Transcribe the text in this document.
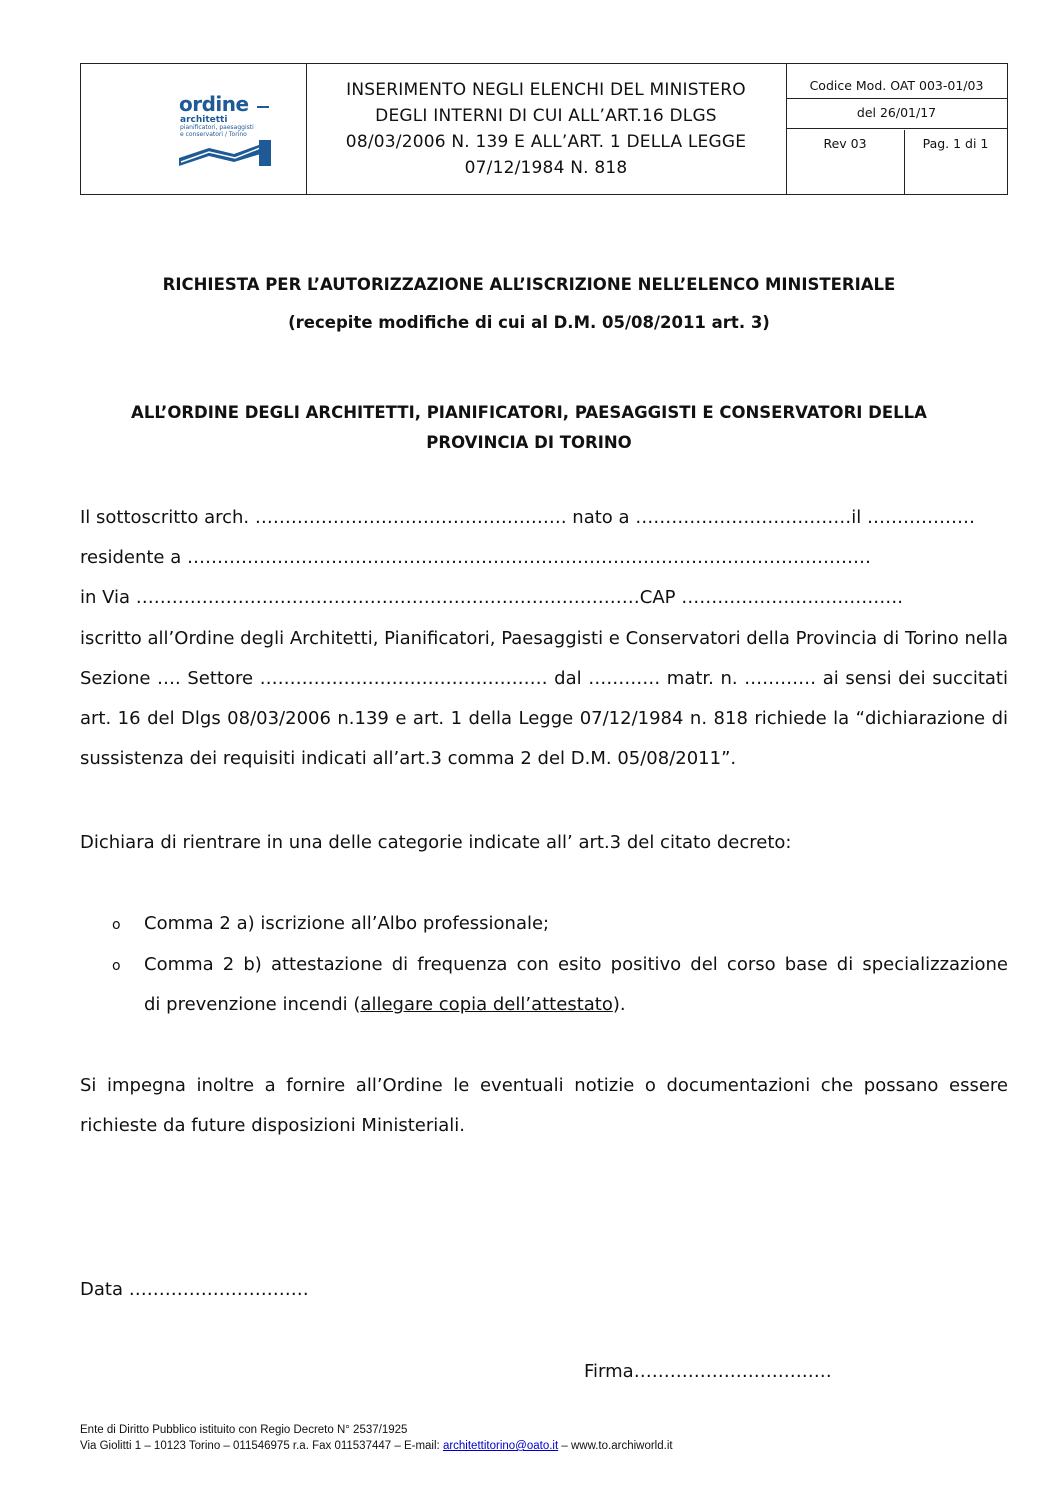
ordine
architetti
pianificatori, paesaggisti
e conservatori / Torino
INSERIMENTO NEGLI ELENCHI DEL MINISTERO
DEGLI INTERNI DI CUI ALL’ART.16 DLGS
08/03/2006 N. 139 E ALL’ART. 1 DELLA LEGGE
07/12/1984 N. 818
Codice Mod. OAT 003-01/03
del 26/01/17
Rev 03	Pag. 1 di 1
RICHIESTA PER L’AUTORIZZAZIONE ALL’ISCRIZIONE NELL’ELENCO MINISTERIALE
(recepite modifiche di cui al D.M. 05/08/2011 art. 3)
ALL’ORDINE DEGLI ARCHITETTI, PIANIFICATORI, PAESAGGISTI E CONSERVATORI DELLA
PROVINCIA DI TORINO
Il sottoscritto arch. ……………………………………………. nato a ………………………………il ………………
residente a ……………………………………………………………………………………………………
in Via …………………………………………………………………………CAP ……………………………….
iscritto all’Ordine degli Architetti, Pianificatori, Paesaggisti e Conservatori della Provincia di Torino nella Sezione …. Settore ………………………………………… dal ………… matr. n. ………… ai sensi dei succitati art. 16 del Dlgs 08/03/2006 n.139 e art. 1 della Legge 07/12/1984 n. 818 richiede la “dichiarazione di sussistenza dei requisiti indicati all’art.3 comma 2 del D.M. 05/08/2011”.
Dichiara di rientrare in una delle categorie indicate all’ art.3 del citato decreto:
o Comma 2 a) iscrizione all’Albo professionale;
o Comma 2 b) attestazione di frequenza con esito positivo del corso base di specializzazione
di prevenzione incendi (allegare copia dell’attestato).
Si impegna inoltre a fornire all’Ordine le eventuali notizie o documentazioni che possano essere richieste da future disposizioni Ministeriali.
Data …………………………
Firma……………………………
Ente di Diritto Pubblico istituito con Regio Decreto N° 2537/1925
Via Giolitti 1 – 10123 Torino – 011546975 r.a. Fax 011537447 – E-mail: architettitorino@oato.it – www.to.archiworld.it
